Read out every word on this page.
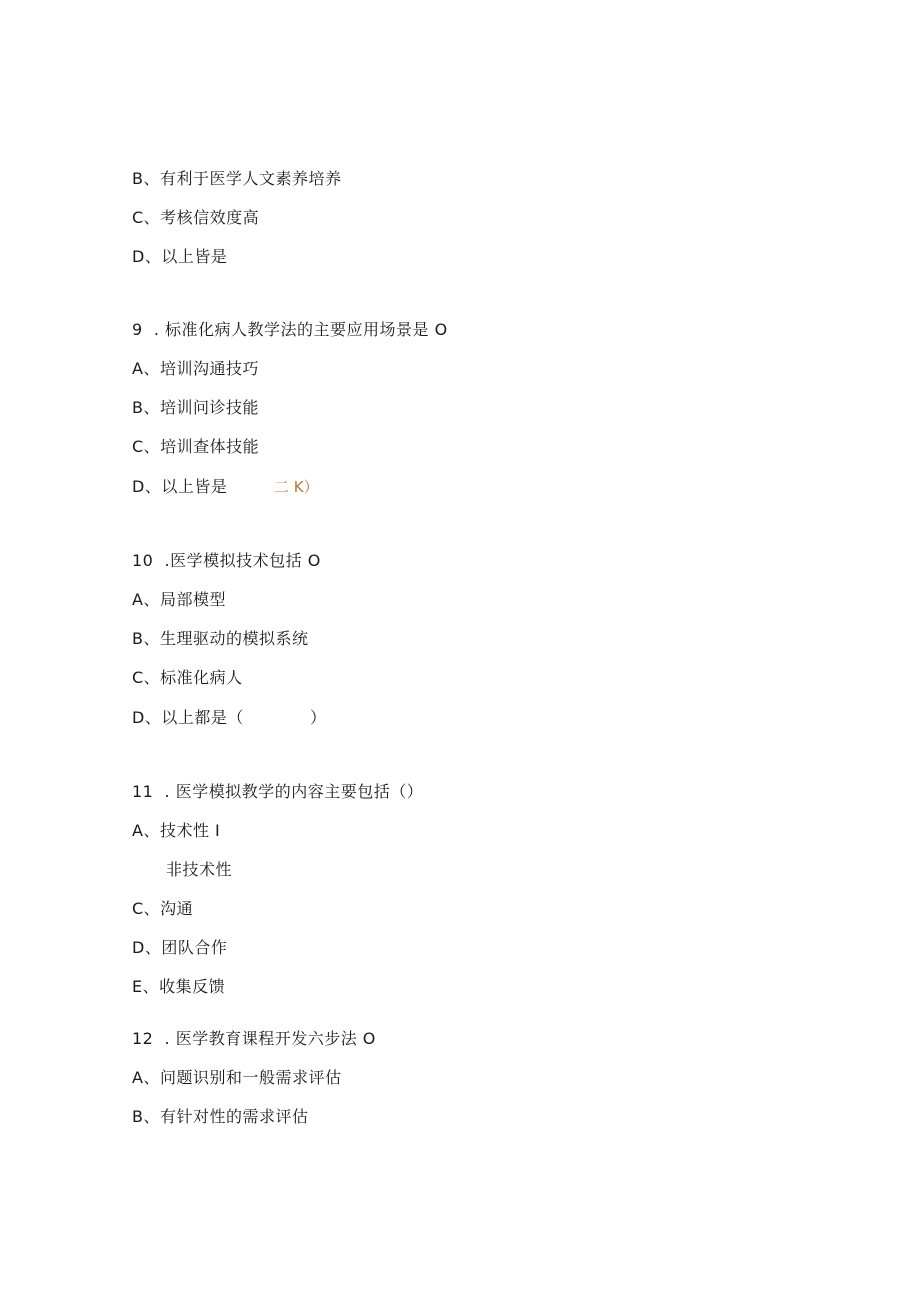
B、有利于医学人文素养培养
C、考核信效度高
D、以上皆是
9  . 标准化病人教学法的主要应用场景是 O
A、培训沟通技巧
B、培训问诊技能
C、培训查体技能
D、以上皆是	二 K）
10  .医学模拟技术包括 O
A、局部模型
B、生理驱动的模拟系统
C、标准化病人
D、以上都是（	）
11  . 医学模拟教学的内容主要包括（）
A、技术性 I
非技术性
C、沟通
D、团队合作
E、收集反馈
12  . 医学教育课程开发六步法 O
A、问题识别和一般需求评估
B、有针对性的需求评估
